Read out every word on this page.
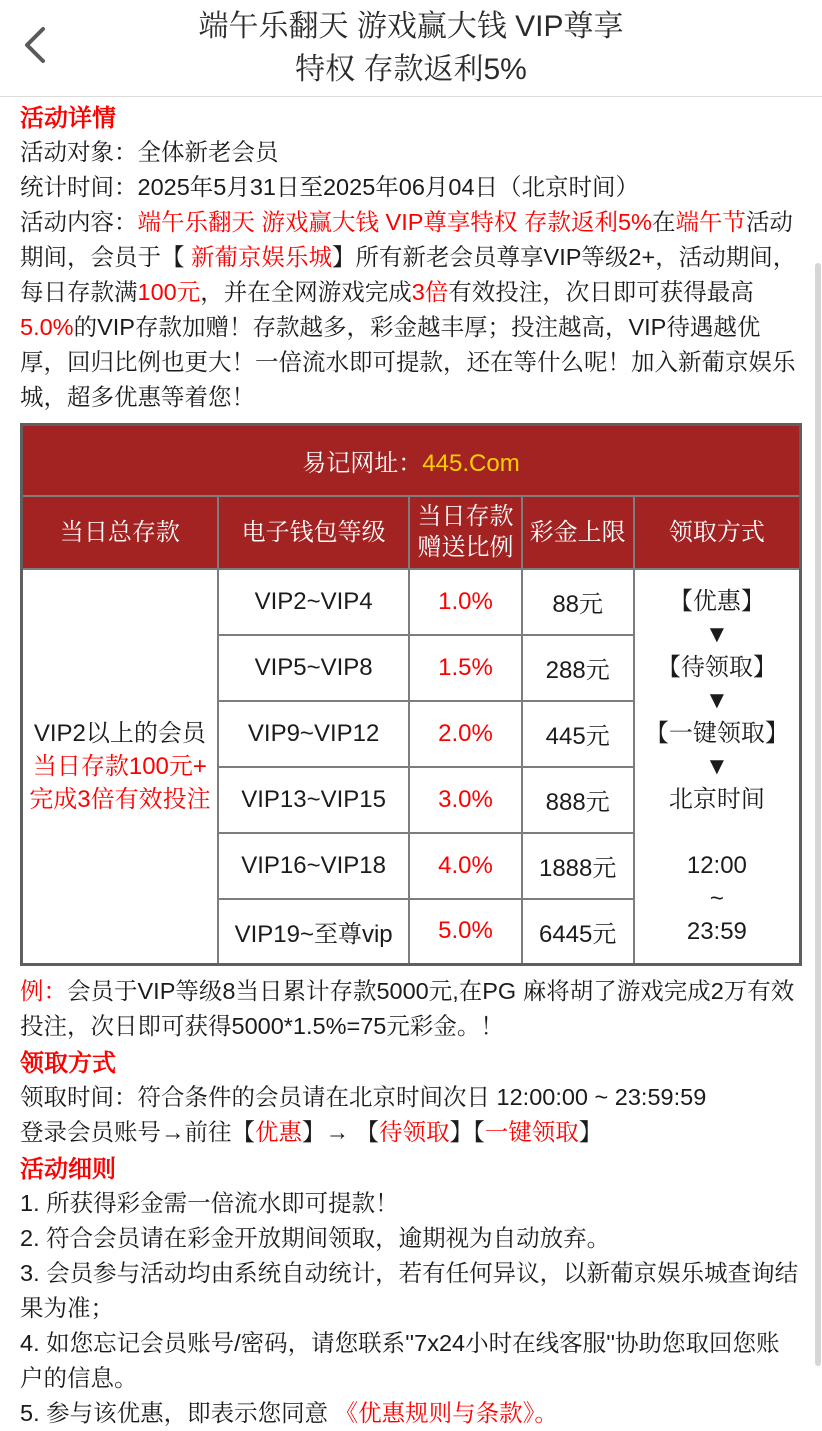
端午乐翻天 游戏赢大钱 VIP尊享
特权 存款返利5%
活动详情
活动对象：全体新老会员
统计时间：2025年5月31日至2025年06月04日（北京时间）
活动内容：端午乐翻天 游戏赢大钱 VIP尊享特权 存款返利5%在端午节活动期间，会员于【 新葡京娱乐城】所有新老会员尊享VIP等级2+，活动期间，每日存款满100元，并在全网游戏完成3倍有效投注，次日即可获得最高5.0%的VIP存款加赠！存款越多，彩金越丰厚；投注越高，VIP待遇越优厚，回归比例也更大！一倍流水即可提款，还在等什么呢！加入新葡京娱乐城，超多优惠等着您！
易记网址：445.Com				
当日总存款	电子钱包等级	当日存款赠送比例	彩金上限	领取方式

VIP2以上的会员
当日存款100元+
完成3倍有效投注
	VIP2~VIP4	1.0%	88元	【优惠】
▼
【待领取】
▼
【一键领取】
▼
北京时间
12:00
~
23:59

	VIP5~VIP8	1.5%	288元	
	VIP9~VIP12	2.0%	445元	
	VIP13~VIP15	3.0%	888元	
	VIP16~VIP18	4.0%	1888元	
	VIP19~至尊vip	5.0%	6445元	
例：会员于VIP等级8当日累计存款5000元,在PG 麻将胡了游戏完成2万有效投注，次日即可获得5000*1.5%=75元彩金。！
领取方式
领取时间：符合条件的会员请在北京时间次日 12:00:00 ~ 23:59:59
登录会员账号→前往【优惠】→ 【待领取】【一键领取】
活动细则
1. 所获得彩金需一倍流水即可提款！
2. 符合会员请在彩金开放期间领取，逾期视为自动放弃。
3. 会员参与活动均由系统自动统计，若有任何异议，以新葡京娱乐城查询结果为准；
4. 如您忘记会员账号/密码，请您联系''7x24小时在线客服''协助您取回您账户的信息。
5. 参与该优惠，即表示您同意 《优惠规则与条款》。
